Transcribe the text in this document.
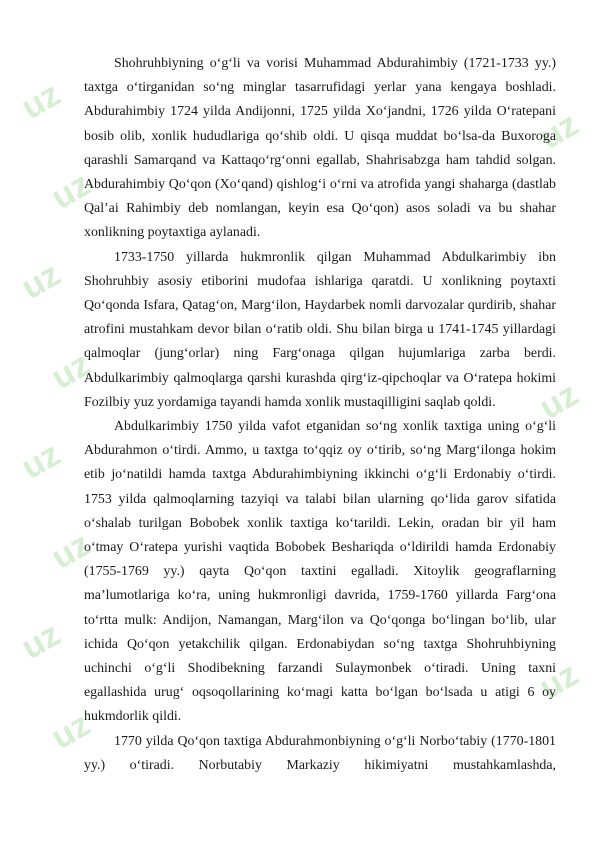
uz
uz
uz
uz
uz
uz
uz
uz
uz
uz
uz

Shohruhbiyning o‘g‘li va vorisi Muhammad Abdurahimbiy (1721-1733 yy.) taxtga o‘tirganidan so‘ng minglar tasarrufidagi yerlar yana kengaya boshladi. Abdurahimbiy 1724 yilda Andijonni, 1725 yilda Xo‘jandni, 1726 yilda O‘ratepani bosib olib, xonlik hududlariga qo‘shib oldi. U qisqa muddat bo‘lsa-da Buxoroga qarashli Samarqand va Kattaqo‘rg‘onni egallab, Shahrisabzga ham tahdid solgan. Abdurahimbiy Qo‘qon (Xo‘qand) qishlog‘i o‘rni va atrofida yangi shaharga (dastlab Qal’ai Rahimbiy deb nomlangan, keyin esa Qo‘qon) asos soladi va bu shahar xonlikning poytaxtiga aylanadi.

1733-1750 yillarda hukmronlik qilgan Muhammad Abdulkarimbiy ibn Shohruhbiy asosiy etiborini mudofaa ishlariga qaratdi. U xonlikning poytaxti Qo‘qonda Isfara, Qatag‘on, Marg‘ilon, Haydarbek nomli darvozalar qurdirib, shahar atrofini mustahkam devor bilan o‘ratib oldi. Shu bilan birga u 1741-1745 yillardagi qalmoqlar (jung‘orlar) ning Farg‘onaga qilgan hujumlariga zarba berdi. Abdulkarimbiy qalmoqlarga qarshi kurashda qirg‘iz-qipchoqlar va O‘ratepa hokimi Fozilbiy yuz yordamiga tayandi hamda xonlik mustaqilligini saqlab qoldi.

Abdulkarimbiy 1750 yilda vafot etganidan so‘ng xonlik taxtiga uning o‘g‘li Abdurahmon o‘tirdi. Ammo, u taxtga to‘qqiz oy o‘tirib, so‘ng Marg‘ilonga hokim etib jo‘natildi hamda taxtga Abdurahimbiyning ikkinchi o‘g‘li Erdonabiy o‘tirdi. 1753 yilda qalmoqlarning tazyiqi va talabi bilan ularning qo‘lida garov sifatida o‘shalab turilgan Bobobek xonlik taxtiga ko‘tarildi. Lekin, oradan bir yil ham o‘tmay O‘ratepa yurishi vaqtida Bobobek Beshariqda o‘ldirildi hamda Erdonabiy (1755-1769 yy.) qayta Qo‘qon taxtini egalladi. Xitoylik geograflarning ma’lumotlariga ko‘ra, uning hukmronligi davrida, 1759-1760 yillarda Farg‘ona to‘rtta mulk: Andijon, Namangan, Marg‘ilon va Qo‘qonga bo‘lingan bo‘lib, ular ichida Qo‘qon yetakchilik qilgan. Erdonabiydan so‘ng taxtga Shohruhbiyning uchinchi o‘g‘li Shodibekning farzandi Sulaymonbek o‘tiradi. Uning taxni egallashida urug‘ oqsoqollarining ko‘magi katta bo‘lgan bo‘lsada u atigi 6 oy hukmdorlik qildi.

1770 yilda Qo‘qon taxtiga Abdurahmonbiyning o‘g‘li Norbo‘tabiy (1770-1801 yy.) o‘tiradi. Norbutabiy Markaziy hikimiyatni mustahkamlashda,
